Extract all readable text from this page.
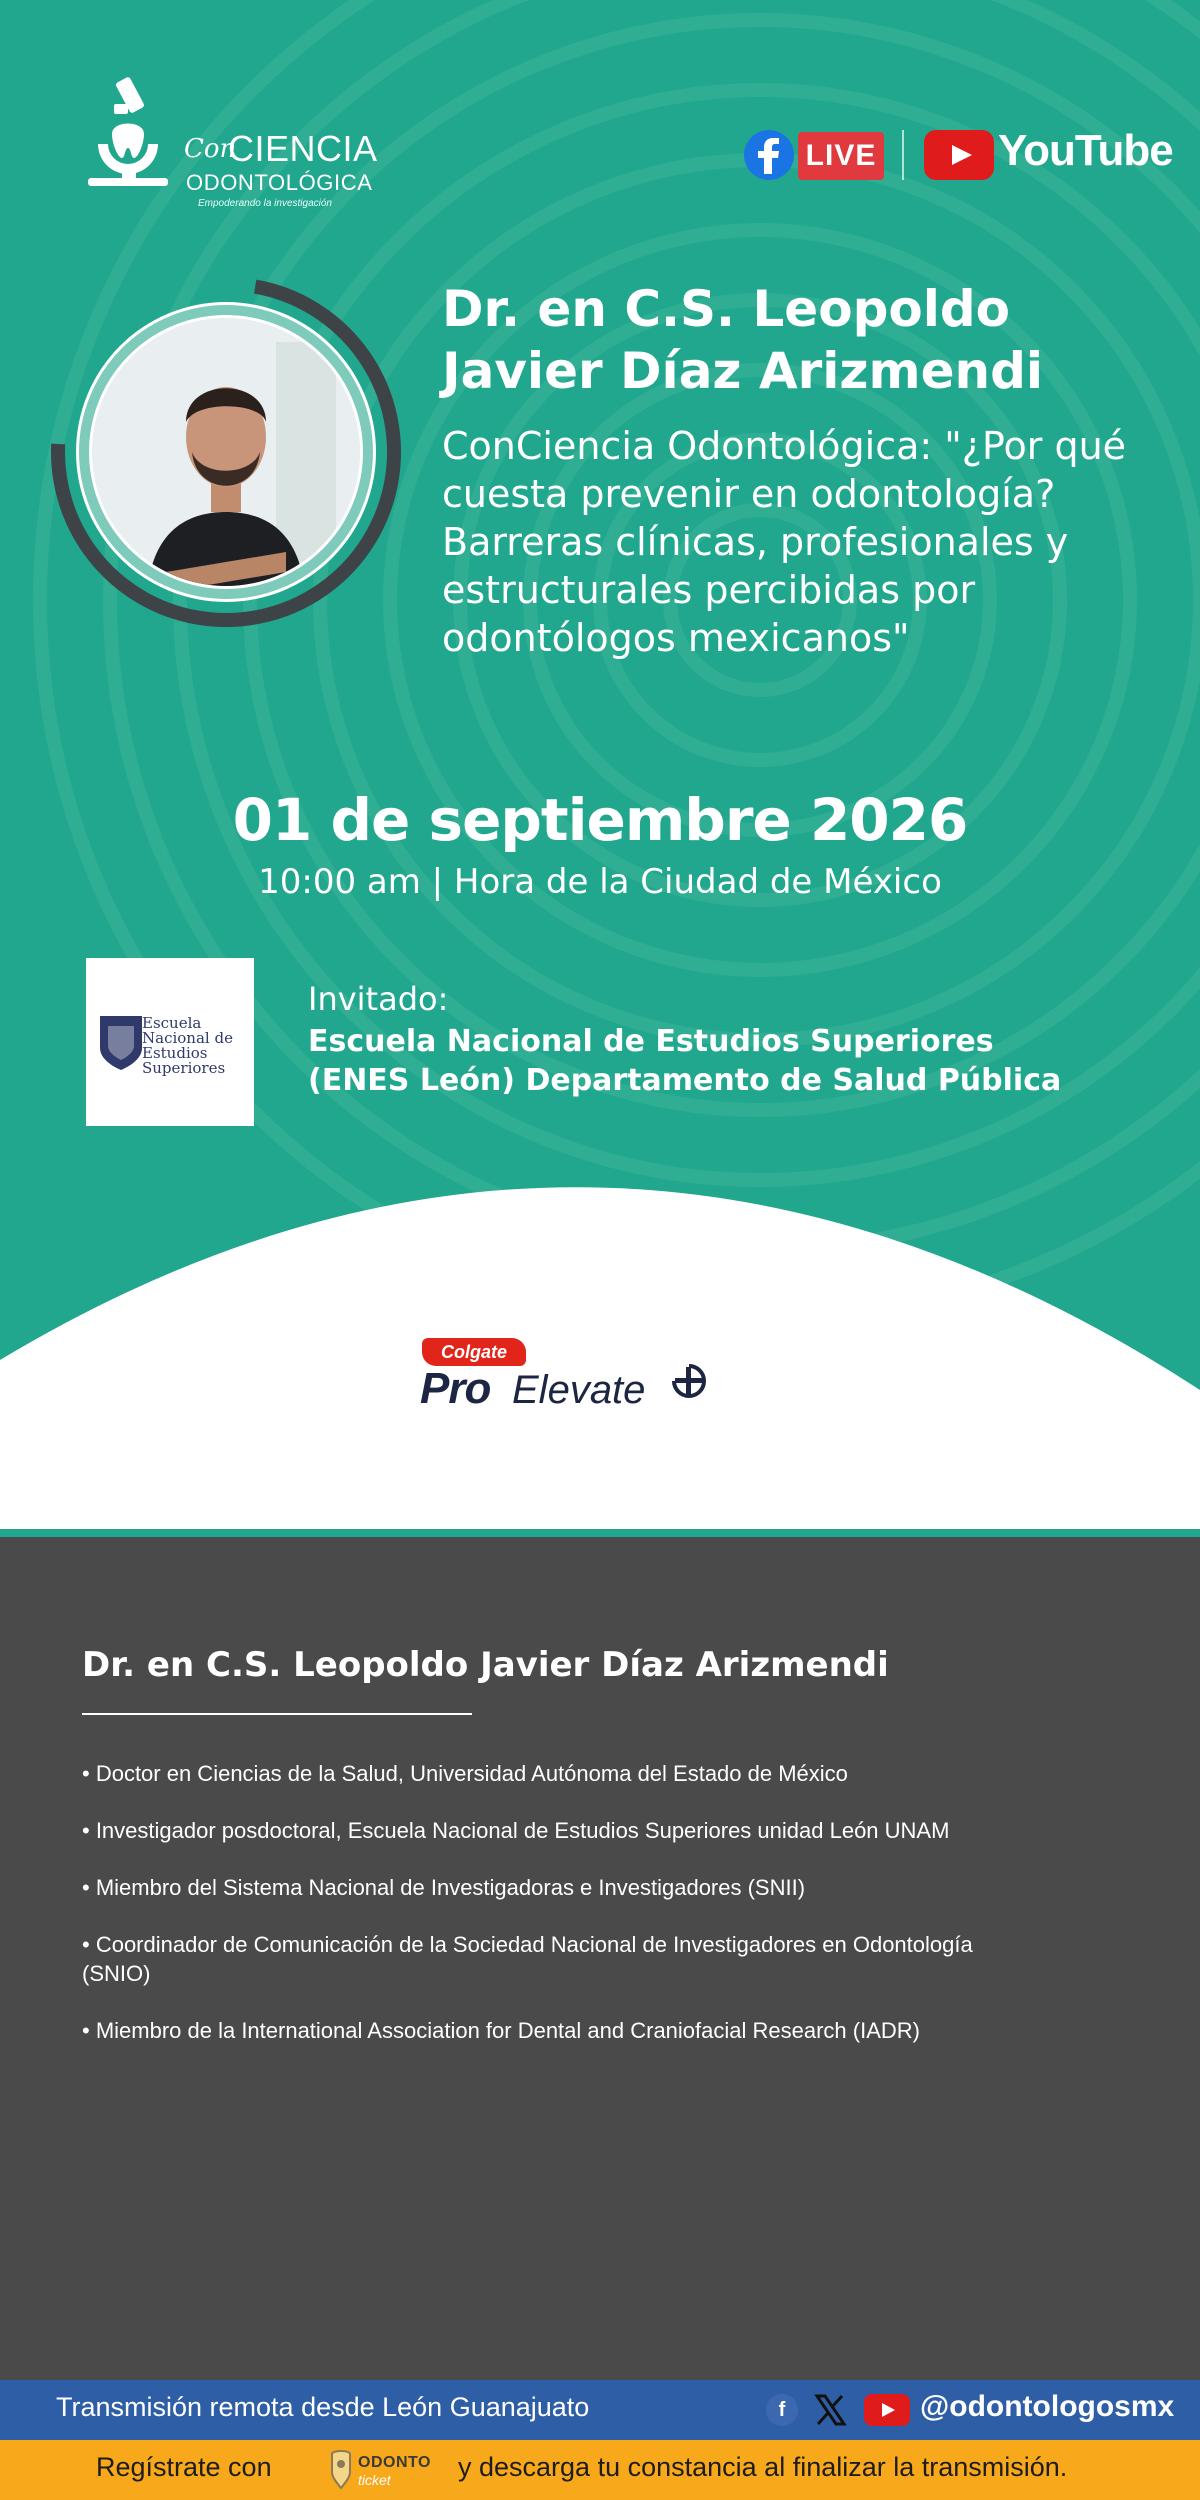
Con
CIENCIA
ODONTOLÓGICA
Empoderando la investigación
LIVE	YouTube
Dr. en C.S. Leopoldo Javier Díaz Arizmendi

ConCiencia Odontológica: "¿Por qué cuesta prevenir en odontología? Barreras clínicas, profesionales y estructurales percibidas por odontólogos mexicanos"

01 de septiembre 2026
10:00 am | Hora de la Ciudad de México
Escuela
Nacional de
Estudios
Superiores
Invitado:
Escuela Nacional de Estudios Superiores (ENES León) Departamento de Salud Pública
Colgate
Pro Elevate
Dr. en C.S. Leopoldo Javier Díaz Arizmendi
• Doctor en Ciencias de la Salud, Universidad Autónoma del Estado de México
• Investigador posdoctoral, Escuela Nacional de Estudios Superiores unidad León UNAM
• Miembro del Sistema Nacional de Investigadoras e Investigadores (SNII)
• Coordinador de Comunicación de la Sociedad Nacional de Investigadores en Odontología (SNIO)
• Miembro de la International Association for Dental and Craniofacial Research (IADR)
Transmisión remota desde León Guanajuato	f	@odontologosmx
Regístrate con	ODONTO
ticket y descarga tu constancia al finalizar la transmisión.
